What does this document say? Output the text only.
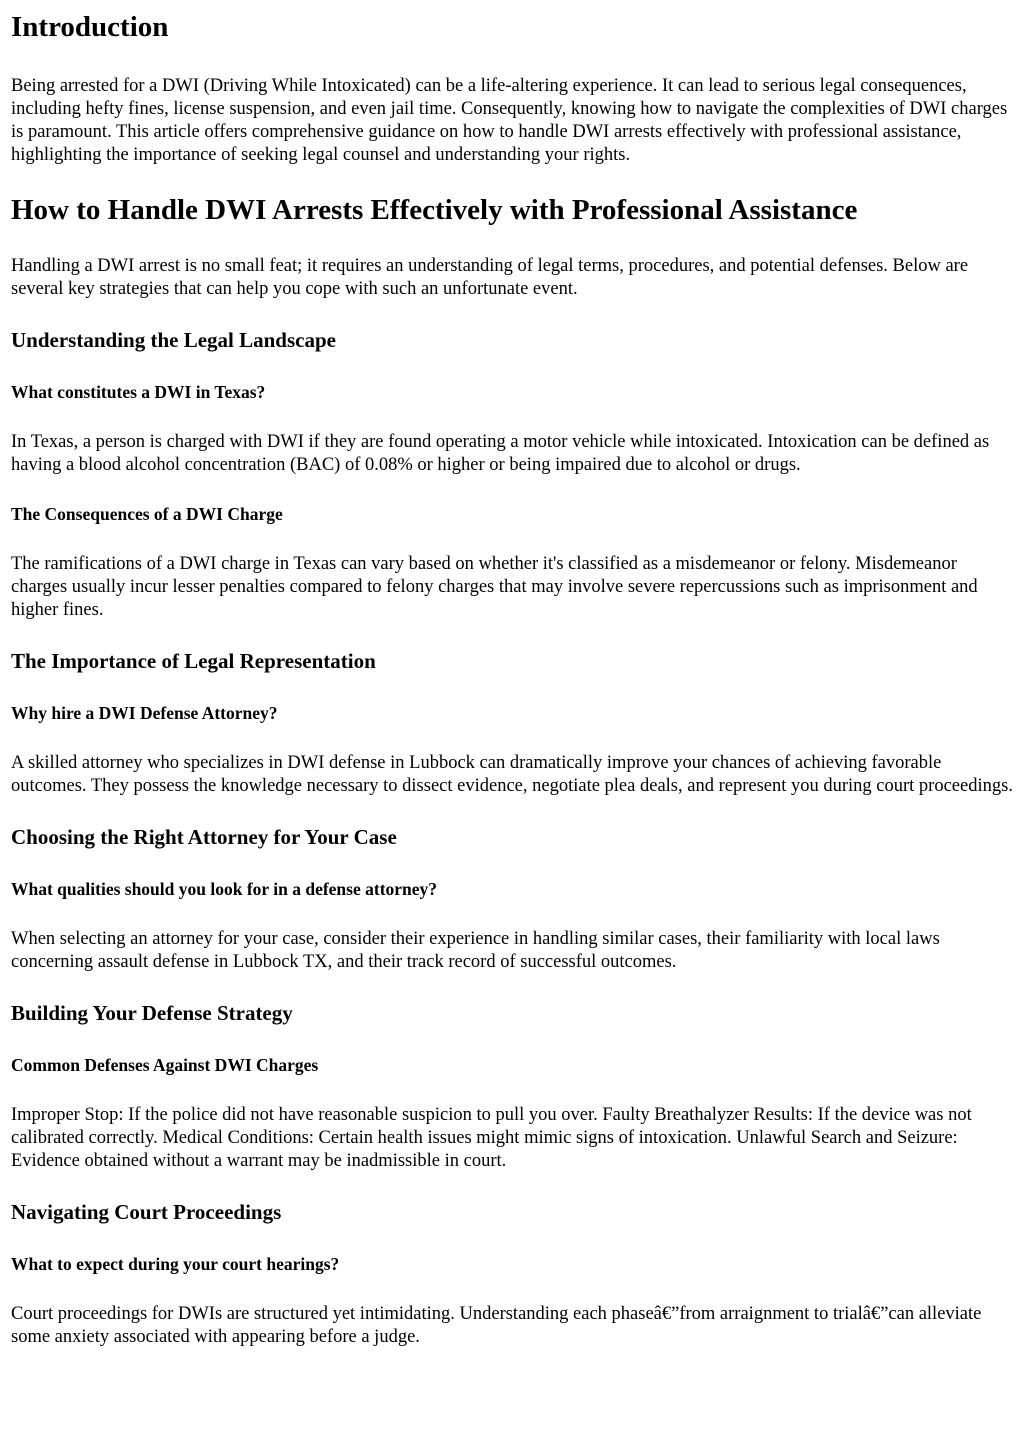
Introduction

Being arrested for a DWI (Driving While Intoxicated) can be a life-altering experience. It can lead to serious legal consequences, including hefty fines, license suspension, and even jail time. Consequently, knowing how to navigate the complexities of DWI charges is paramount. This article offers comprehensive guidance on how to handle DWI arrests effectively with professional assistance, highlighting the importance of seeking legal counsel and understanding your rights.

How to Handle DWI Arrests Effectively with Professional Assistance

Handling a DWI arrest is no small feat; it requires an understanding of legal terms, procedures, and potential defenses. Below are several key strategies that can help you cope with such an unfortunate event.

Understanding the Legal Landscape
What constitutes a DWI in Texas?

In Texas, a person is charged with DWI if they are found operating a motor vehicle while intoxicated. Intoxication can be defined as having a blood alcohol concentration (BAC) of 0.08% or higher or being impaired due to alcohol or drugs.

The Consequences of a DWI Charge

The ramifications of a DWI charge in Texas can vary based on whether it's classified as a misdemeanor or felony. Misdemeanor charges usually incur lesser penalties compared to felony charges that may involve severe repercussions such as imprisonment and higher fines.

The Importance of Legal Representation
Why hire a DWI Defense Attorney?

A skilled attorney who specializes in DWI defense in Lubbock can dramatically improve your chances of achieving favorable outcomes. They possess the knowledge necessary to dissect evidence, negotiate plea deals, and represent you during court proceedings.

Choosing the Right Attorney for Your Case
What qualities should you look for in a defense attorney?

When selecting an attorney for your case, consider their experience in handling similar cases, their familiarity with local laws concerning assault defense in Lubbock TX, and their track record of successful outcomes.

Building Your Defense Strategy
Common Defenses Against DWI Charges

Improper Stop: If the police did not have reasonable suspicion to pull you over. Faulty Breathalyzer Results: If the device was not calibrated correctly. Medical Conditions: Certain health issues might mimic signs of intoxication. Unlawful Search and Seizure: Evidence obtained without a warrant may be inadmissible in court.

Navigating Court Proceedings
What to expect during your court hearings?

Court proceedings for DWIs are structured yet intimidating. Understanding each phaseâ€”from arraignment to trialâ€”can alleviate some anxiety associated with appearing before a judge.
